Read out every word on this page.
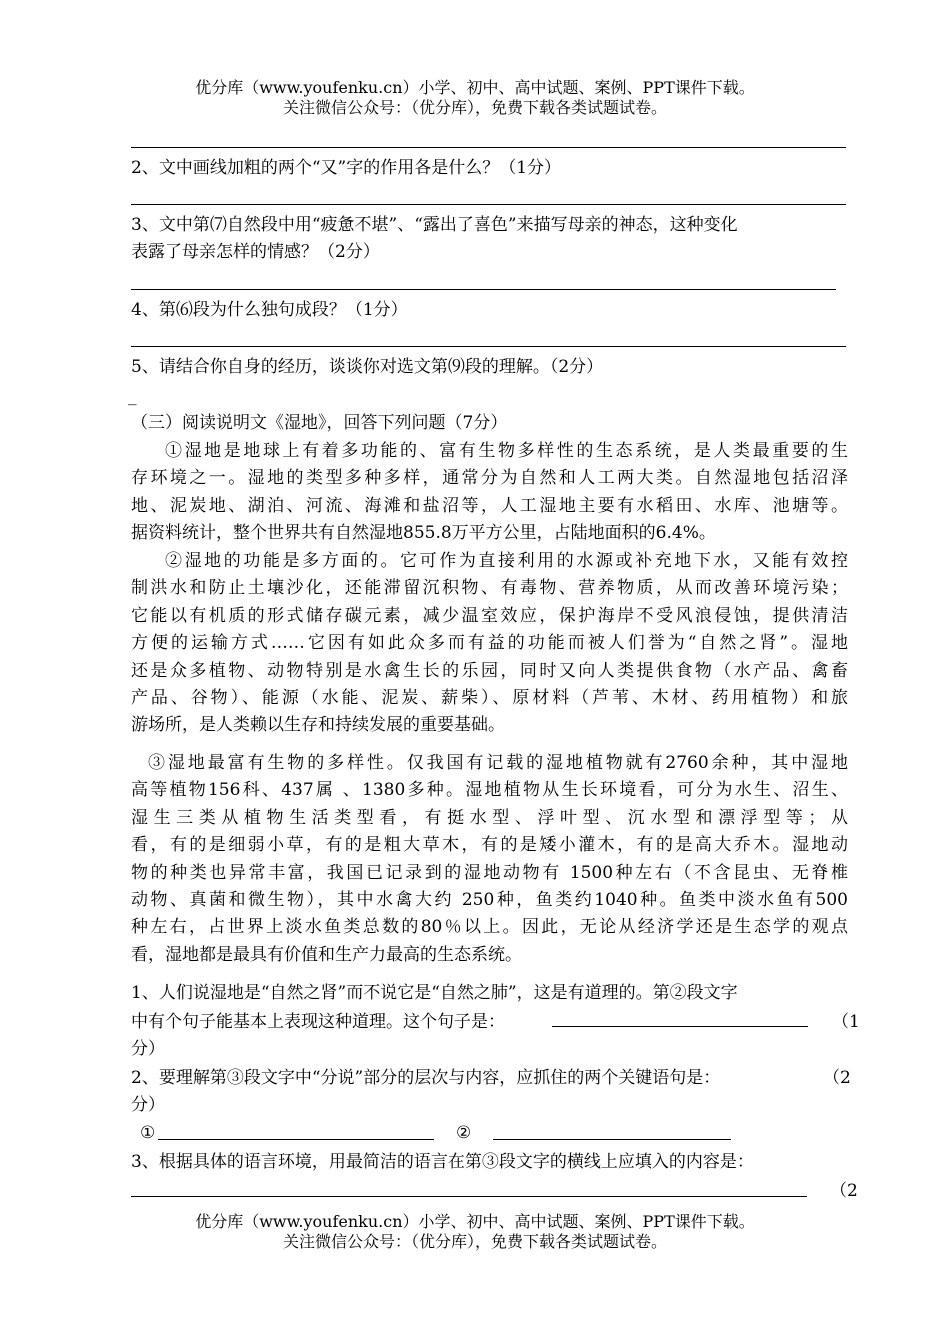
优分库（www.youfenku.cn）小学、初中、高中试题、案例、PPT课件下载。
关注微信公众号：（优分库），免费下载各类试题试卷。
2、文中画线加粗的两个“又”字的作用各是什么？（1分）
3、文中第⑺自然段中用“疲惫不堪”、“露出了喜色”来描写母亲的神态，这种变化
表露了母亲怎样的情感？（2分）
4、第⑹段为什么独句成段？（1分）
5、请结合你自身的经历，谈谈你对选文第⑼段的理解。（2分）
_
（三）阅读说明文《湿地》，回答下列问题（7分）
①湿地是地球上有着多功能的、富有生物多样性的生态系统，是人类最重要的生
存环境之一。湿地的类型多种多样，通常分为自然和人工两大类。自然湿地包括沼泽
地、泥炭地、湖泊、河流、海滩和盐沼等，人工湿地主要有水稻田、水库、池塘等。
据资料统计，整个世界共有自然湿地855.8万平方公里，占陆地面积的6.4%。
②湿地的功能是多方面的。它可作为直接利用的水源或补充地下水，又能有效控
制洪水和防止土壤沙化，还能滞留沉积物、有毒物、营养物质，从而改善环境污染；
它能以有机质的形式储存碳元素，减少温室效应，保护海岸不受风浪侵蚀，提供清洁
方便的运输方式……它因有如此众多而有益的功能而被人们誉为“自然之肾”。湿地
还是众多植物、动物特别是水禽生长的乐园，同时又向人类提供食物（水产品、禽畜
产品、谷物）、能源（水能、泥炭、薪柴）、原材料（芦苇、木材、药用植物）和旅
游场所，是人类赖以生存和持续发展的重要基础。
③湿地最富有生物的多样性。仅我国有记载的湿地植物就有2760余种，其中湿地
高等植物156科、437属 、1380多种。湿地植物从生长环境看，可分为水生、沼生、
湿生三类从植物生活类型看，有挺水型、浮叶型、沉水型和漂浮型等；从
看，有的是细弱小草，有的是粗大草木，有的是矮小灌木，有的是高大乔木。湿地动
物的种类也异常丰富，我国已记录到的湿地动物有 1500种左右（不含昆虫、无脊椎
动物、真菌和微生物），其中水禽大约 250种，鱼类约1040种。鱼类中淡水鱼有500
种左右，占世界上淡水鱼类总数的80％以上。因此，无论从经济学还是生态学的观点
看，湿地都是最具有价值和生产力最高的生态系统。
1、人们说湿地是“自然之肾”而不说它是“自然之肺”，这是有道理的。第②段文字
中有个句子能基本上表现这种道理。这个句子是：	（1
分）
2、要理解第③段文字中“分说”部分的层次与内容，应抓住的两个关键语句是：	（2
分）
①	②
3、根据具体的语言环境，用最简洁的语言在第③段文字的横线上应填入的内容是：
（2
优分库（www.youfenku.cn）小学、初中、高中试题、案例、PPT课件下载。
关注微信公众号：（优分库），免费下载各类试题试卷。
